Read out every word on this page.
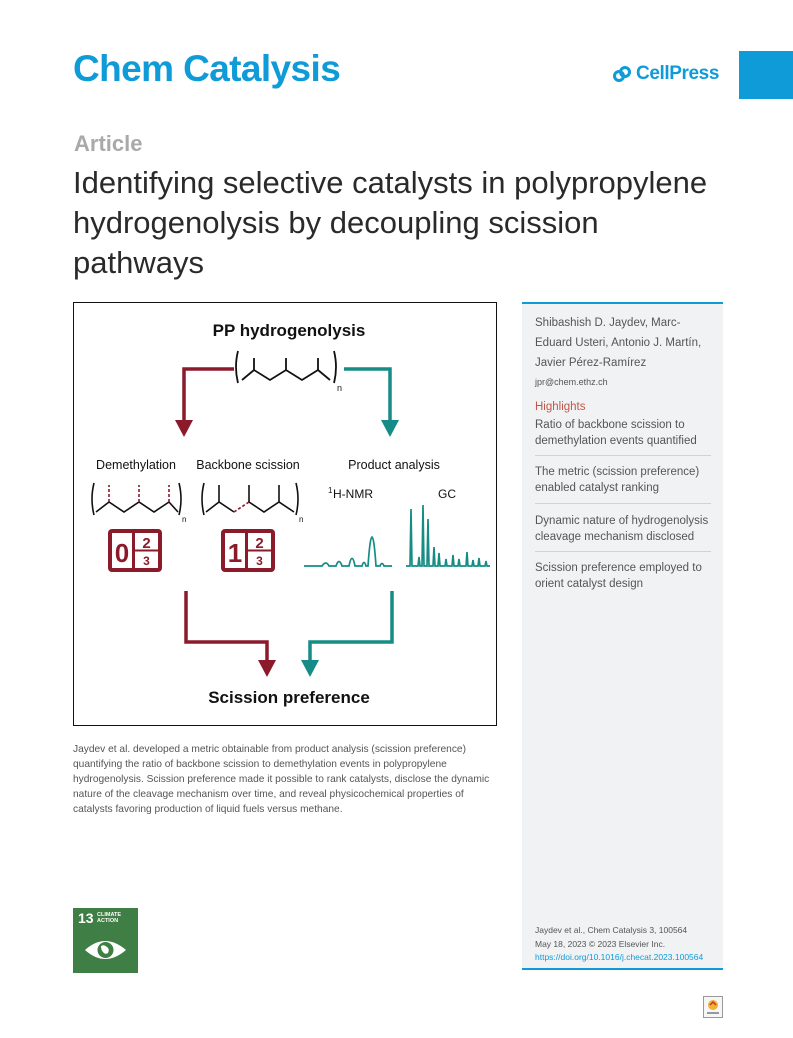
Chem Catalysis	CellPress
Article
Identifying selective catalysts in polypropylene hydrogenolysis by decoupling scission pathways
PP hydrogenolysis
n
Demethylation Backbone scission	Product analysis
n	n
1 H-NMR	GC
0 2
3	1 2
3
Scission preference
Shibashish D. Jaydev, Marc-Eduard Usteri, Antonio J. Martín, Javier Pérez-Ramírez
jpr@chem.ethz.ch
Highlights
Ratio of backbone scission to demethylation events quantified
The metric (scission preference) enabled catalyst ranking
Dynamic nature of hydrogenolysis cleavage mechanism disclosed
Scission preference employed to orient catalyst design
Jaydev et al., Chem Catalysis 3, 100564
May 18, 2023 © 2023 Elsevier Inc.
https://doi.org/10.1016/j.checat.2023.100564

Jaydev et al. developed a metric obtainable from product analysis (scission preference) quantifying the ratio of backbone scission to demethylation events in polypropylene hydrogenolysis. Scission preference made it possible to rank catalysts, disclose the dynamic nature of the cleavage mechanism over time, and reveal physicochemical properties of catalysts favoring production of liquid fuels versus methane.

13 CLIMATE
ACTION
